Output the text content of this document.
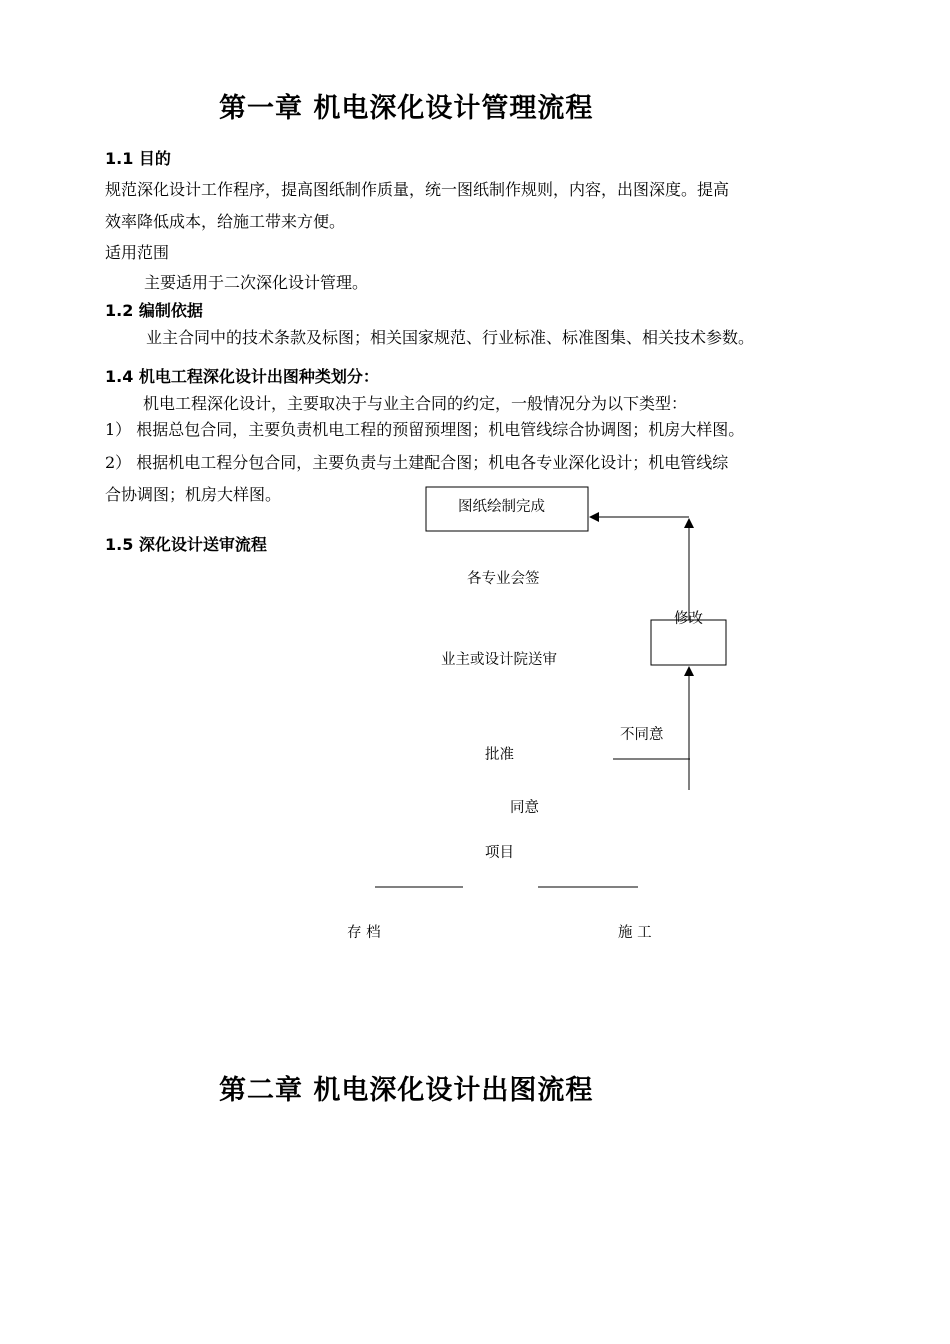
第一章 机电深化设计管理流程
1.1 目的
规范深化设计工作程序，提高图纸制作质量，统一图纸制作规则，内容，出图深度。提高
效率降低成本，给施工带来方便。
适用范围
主要适用于二次深化设计管理。
1.2 编制依据
业主合同中的技术条款及标图；相关国家规范、行业标准、标准图集、相关技术参数。
1.4 机电工程深化设计出图种类划分：
机电工程深化设计，主要取决于与业主合同的约定，一般情况分为以下类型：
1） 根据总包合同，主要负责机电工程的预留预埋图；机电管线综合协调图；机房大样图。
2） 根据机电工程分包合同，主要负责与土建配合图；机电各专业深化设计；机电管线综
合协调图；机房大样图。
1.5 深化设计送审流程
图纸绘制完成
各专业会签
修改
业主或设计院送审
不同意
批准
同意
项目
存 档	施 工
第二章 机电深化设计出图流程
